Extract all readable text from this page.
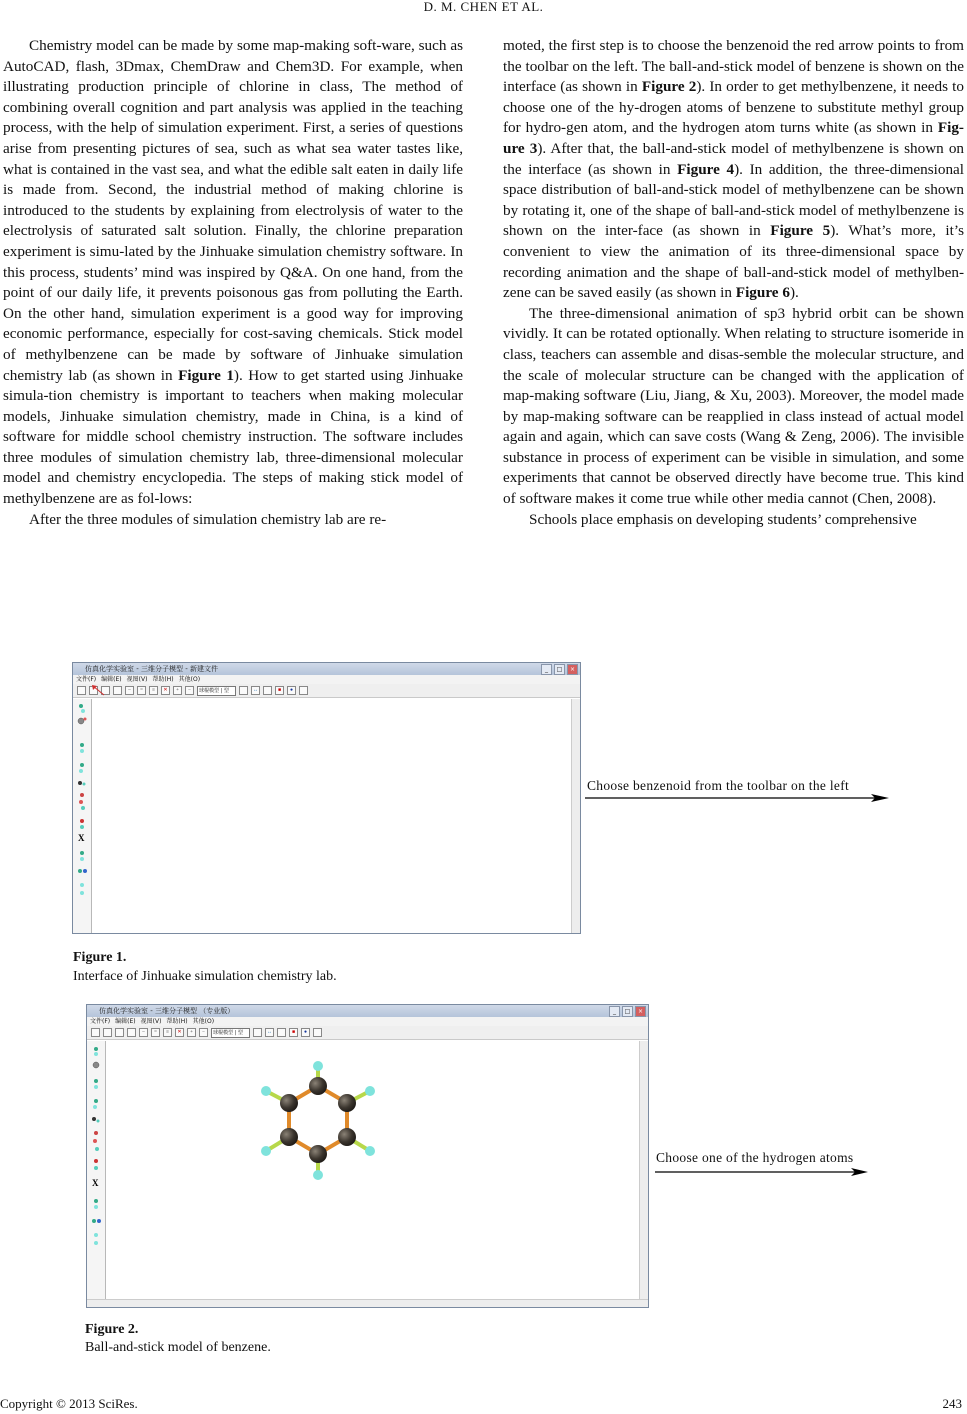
D. M. CHEN ET AL.

Chemistry model can be made by some map-making soft-ware, such as AutoCAD, flash, 3Dmax, ChemDraw and Chem3D. For example, when illustrating production principle of chlorine in class, The method of combining overall cognition and part analysis was applied in the teaching process, with the help of simulation experiment. First, a series of questions arise from presenting pictures of sea, such as what sea water tastes like, what is contained in the vast sea, and what the edible salt eaten in daily life is made from. Second, the industrial method of making chlorine is introduced to the students by explaining from electrolysis of water to the electrolysis of saturated salt solution. Finally, the chlorine preparation experiment is simu-lated by the Jinhuake simulation chemistry software. In this process, students’ mind was inspired by Q&A. On one hand, from the point of our daily life, it prevents poisonous gas from polluting the Earth. On the other hand, simulation experiment is a good way for improving economic performance, especially for cost-saving chemicals. Stick model of methylbenzene can be made by software of Jinhuake simulation chemistry lab (as shown in Figure 1). How to get started using Jinhuake simula-tion chemistry is important to teachers when making molecular models, Jinhuake simulation chemistry, made in China, is a kind of software for middle school chemistry instruction. The software includes three modules of simulation chemistry lab, three-dimensional molecular model and chemistry encyclopedia. The steps of making stick model of methylbenzene are as fol-lows:

After the three modules of simulation chemistry lab are re-

moted, the first step is to choose the benzenoid the red arrow points to from the toolbar on the left. The ball-and-stick model of benzene is shown on the interface (as shown in Figure 2). In order to get methylbenzene, it needs to choose one of the hy-drogen atoms of benzene to substitute methyl group for hydro-gen atom, and the hydrogen atom turns white (as shown in Fig-ure 3). After that, the ball-and-stick model of methylbenzene is shown on the interface (as shown in Figure 4). In addition, the three-dimensional space distribution of ball-and-stick model of methylbenzene can be shown by rotating it, one of the shape of ball-and-stick model of methylbenzene is shown on the inter-face (as shown in Figure 5). What’s more, it’s convenient to view the animation of its three-dimensional space by recording animation and the shape of ball-and-stick model of methylben-zene can be saved easily (as shown in Figure 6).

The three-dimensional animation of sp3 hybrid orbit can be shown vividly. It can be rotated optionally. When relating to structure isomeride in class, teachers can assemble and disas-semble the molecular structure, and the scale of molecular structure can be changed with the application of map-making software (Liu, Jiang, & Xu, 2003). Moreover, the model made by map-making software can be reapplied in class instead of actual model again and again, which can save costs (Wang & Zeng, 2006). The invisible substance in process of experiment can be visible in simulation, and some experiments that cannot be observed directly have become true. This kind of software makes it come true while other media cannot (Chen, 2008).

Schools place emphasis on developing students’ comprehensive

仿真化学实验室 - 三维分子模型 - 新建文件	_	□	×
文件(F) 编辑(E) 视图(V) 帮助(H) 其他(O)
–	=	≡	✕	+	−	球棍模型 | 型	↔	■	●
X
Choose benzenoid from the toolbar on the left
Figure 1.
Interface of Jinhuake simulation chemistry lab.
仿真化学实验室 - 三维分子模型 （专业版）	_	□	×
文件(F) 编辑(E) 视图(V) 帮助(H) 其他(O)
–	=	≡	✕	+	−	球棍模型 | 型	↔	■	●
X
Choose one of the hydrogen atoms
Figure 2.
Ball-and-stick model of benzene.
Copyright © 2013 SciRes.	243
